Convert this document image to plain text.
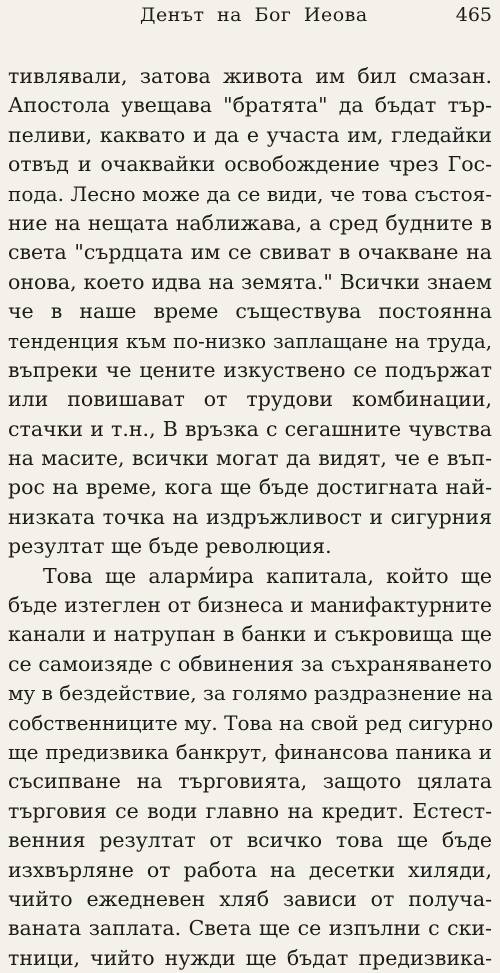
Денът на Бог Иеова	465
тивлявали, затова живота им бил смазан.
Апостола увещава "братята" да бъдат тър-
пеливи, каквато и да е участа им, гледайки
отвъд и очаквайки освобождение чрез Гос-
пода. Лесно може да се види, че това състоя-
ние на нещата наближава, а сред будните в
света "сърдцата им се свиват в очакване на
онова, което идва на земята." Всички знаем
че в наше време съществува постоянна
тенденция към по-низко заплащане на труда,
въпреки че цените изкуствено се подържат
или повишават от трудови комбинации,
стачки и т.н., В връзка с сегашните чувства
на масите, всички могат да видят, че е въп-
рос на време, кога ще бъде достигната най-
низката точка на издръжливост и сигурния
резултат ще бъде революция.
Това ще аларм́ира капитала, който ще
бъде изтеглен от бизнеса и манифактурните
канали и натрупан в банки и съкровища ще
се самоизяде с обвинения за съхраняването
му в бездействие, за голямо раздразнение на
собственниците му. Това на свой ред сигурно
ще предизвика банкрут, финансова паника и
съсипване на търговията, защото цялата
търговия се води главно на кредит. Естест-
венния резултат от всичко това ще бъде
изхвърляне от работа на десетки хиляди,
чийто ежедневен хляб зависи от получа-
ваната заплата. Света ще се изпълни с ски-
тници, чийто нужди ще бъдат предизвика-
